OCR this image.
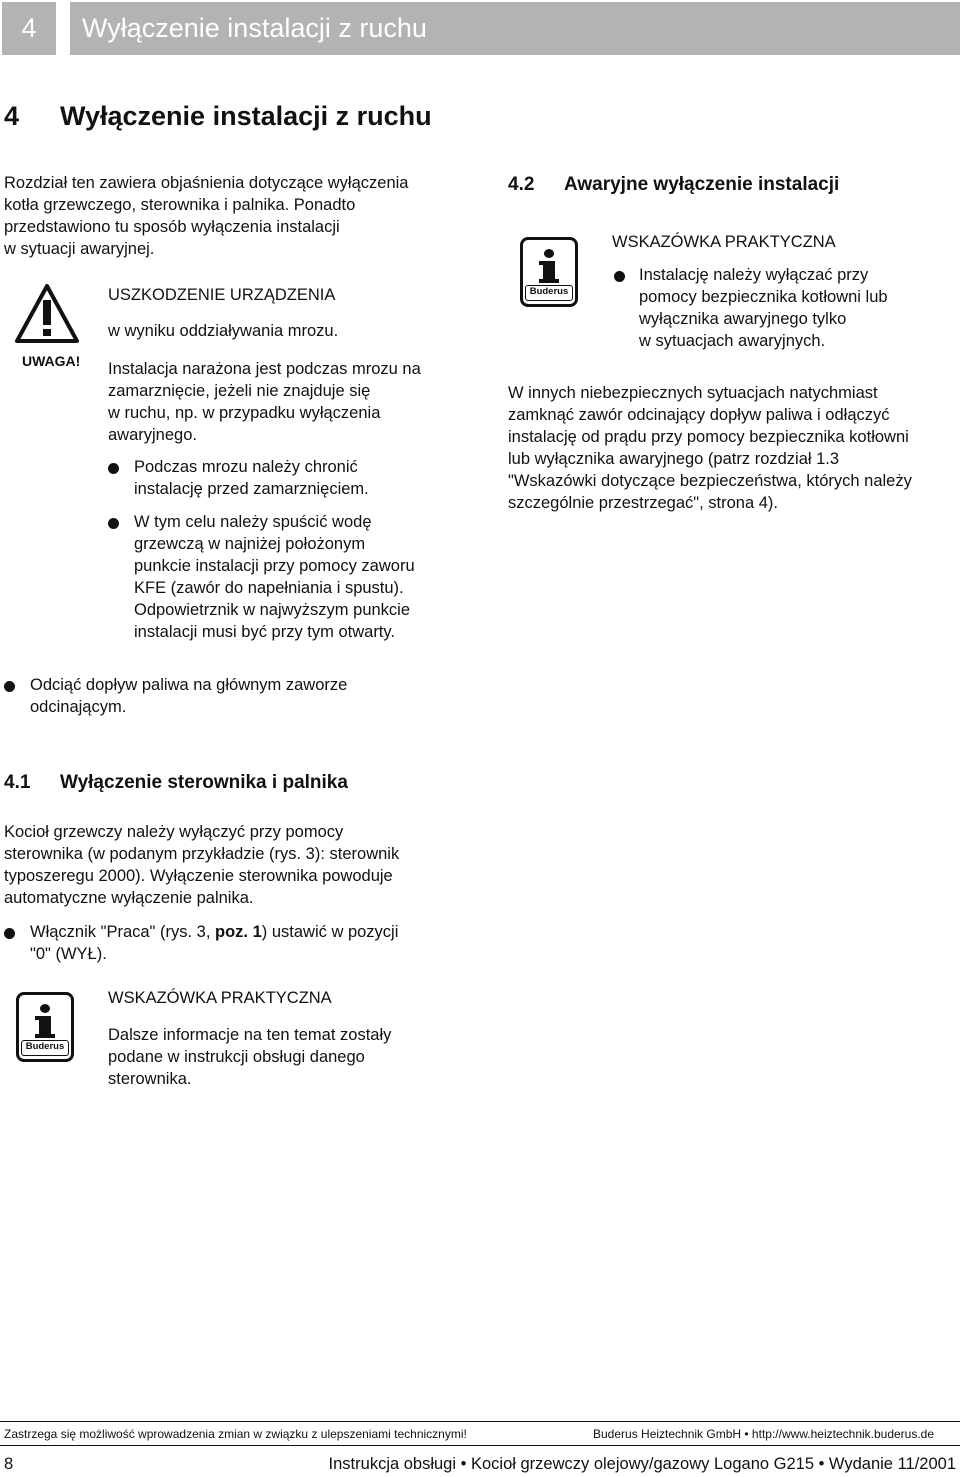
4	Wyłączenie instalacji z ruchu
4 Wyłączenie instalacji z ruchu
Rozdział ten zawiera objaśnienia dotyczące wyłączenia
kotła grzewczego, sterownika i palnika. Ponadto
przedstawiono tu sposób wyłączenia instalacji
w sytuacji awaryjnej.
UWAGA!
USZKODZENIE URZĄDZENIA
w wyniku oddziaływania mrozu.
Instalacja narażona jest podczas mrozu na
zamarznięcie, jeżeli nie znajduje się
w ruchu, np. w przypadku wyłączenia
awaryjnego.
Podczas mrozu należy chronić
instalację przed zamarznięciem.
W tym celu należy spuścić wodę
grzewczą w najniżej położonym
punkcie instalacji przy pomocy zaworu
KFE (zawór do napełniania i spustu).
Odpowietrznik w najwyższym punkcie
instalacji musi być przy tym otwarty.
Odciąć dopływ paliwa na głównym zaworze
odcinającym.
4.1 Wyłączenie sterownika i palnika
Kocioł grzewczy należy wyłączyć przy pomocy
sterownika (w podanym przykładzie (rys. 3): sterownik
typoszeregu 2000). Wyłączenie sterownika powoduje
automatyczne wyłączenie palnika.
Włącznik "Praca" (rys. 3, poz. 1) ustawić w pozycji
"0" (WYŁ).
Buderus
WSKAZÓWKA PRAKTYCZNA
Dalsze informacje na ten temat zostały
podane w instrukcji obsługi danego
sterownika.
4.2 Awaryjne wyłączenie instalacji
Buderus
WSKAZÓWKA PRAKTYCZNA
Instalację należy wyłączać przy
pomocy bezpiecznika kotłowni lub
wyłącznika awaryjnego tylko
w sytuacjach awaryjnych.
W innych niebezpiecznych sytuacjach natychmiast
zamknąć zawór odcinający dopływ paliwa i odłączyć
instalację od prądu przy pomocy bezpiecznika kotłowni
lub wyłącznika awaryjnego (patrz rozdział 1.3
"Wskazówki dotyczące bezpieczeństwa, których należy
szczególnie przestrzegać", strona 4).
Zastrzega się możliwość wprowadzenia zmian w związku z ulepszeniami technicznymi!	Buderus Heiztechnik GmbH • http://www.heiztechnik.buderus.de
8	Instrukcja obsługi • Kocioł grzewczy olejowy/gazowy Logano G215 • Wydanie 11/2001
